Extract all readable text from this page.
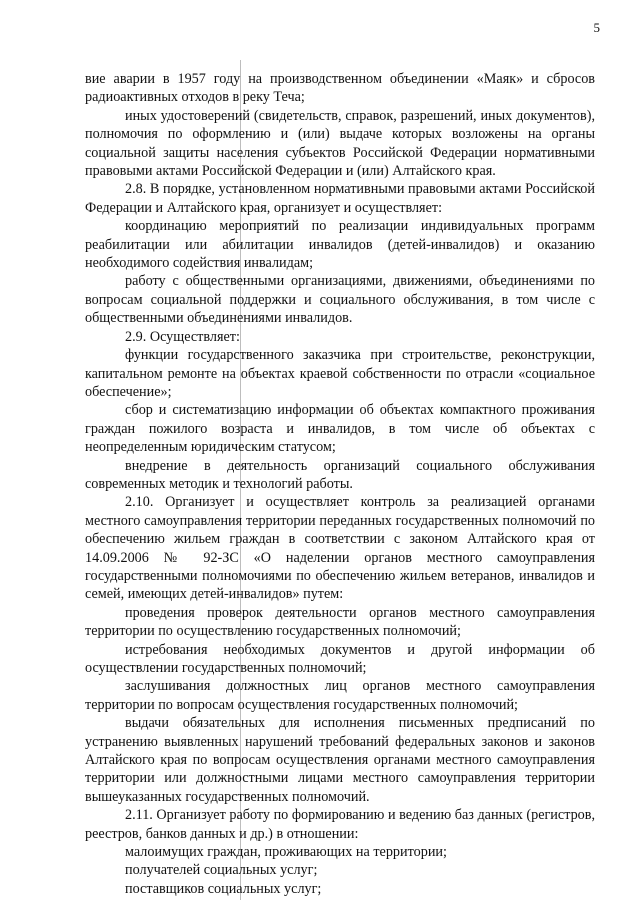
5

вие аварии в 1957 году на производственном объединении «Маяк» и сбросов радиоактивных отходов в реку Теча;

иных удостоверений (свидетельств, справок, разрешений, иных документов), полномочия по оформлению и (или) выдаче которых возложены на органы социальной защиты населения субъектов Российской Федерации нормативными правовыми актами Российской Федерации и (или) Алтайского края.

2.8. В порядке, установленном нормативными правовыми актами Российской Федерации и Алтайского края, организует и осуществляет:

координацию мероприятий по реализации индивидуальных программ реабилитации или абилитации инвалидов (детей-инвалидов) и оказанию необходимого содействия инвалидам;

работу с общественными организациями, движениями, объединениями по вопросам социальной поддержки и социального обслуживания, в том числе с общественными объединениями инвалидов.

2.9. Осуществляет:

функции государственного заказчика при строительстве, реконструкции, капитальном ремонте на объектах краевой собственности по отрасли «социальное обеспечение»;

сбор и систематизацию информации об объектах компактного проживания граждан пожилого возраста и инвалидов, в том числе об объектах с неопределенным юридическим статусом;

внедрение в деятельность организаций социального обслуживания современных методик и технологий работы.

2.10. Организует и осуществляет контроль за реализацией органами местного самоуправления территории переданных государственных полномочий по обеспечению жильем граждан в соответствии с законом Алтайского края от 14.09.2006 № 92-ЗС «О наделении органов местного самоуправления государственными полномочиями по обеспечению жильем ветеранов, инвалидов и семей, имеющих детей-инвалидов» путем:

проведения проверок деятельности органов местного самоуправления территории по осуществлению государственных полномочий;

истребования необходимых документов и другой информации об осуществлении государственных полномочий;

заслушивания должностных лиц органов местного самоуправления территории по вопросам осуществления государственных полномочий;

выдачи обязательных для исполнения письменных предписаний по устранению выявленных нарушений требований федеральных законов и законов Алтайского края по вопросам осуществления органами местного самоуправления территории или должностными лицами местного самоуправления территории вышеуказанных государственных полномочий.

2.11. Организует работу по формированию и ведению баз данных (регистров, реестров, банков данных и др.) в отношении:

малоимущих граждан, проживающих на территории;

получателей социальных услуг;

поставщиков социальных услуг;
